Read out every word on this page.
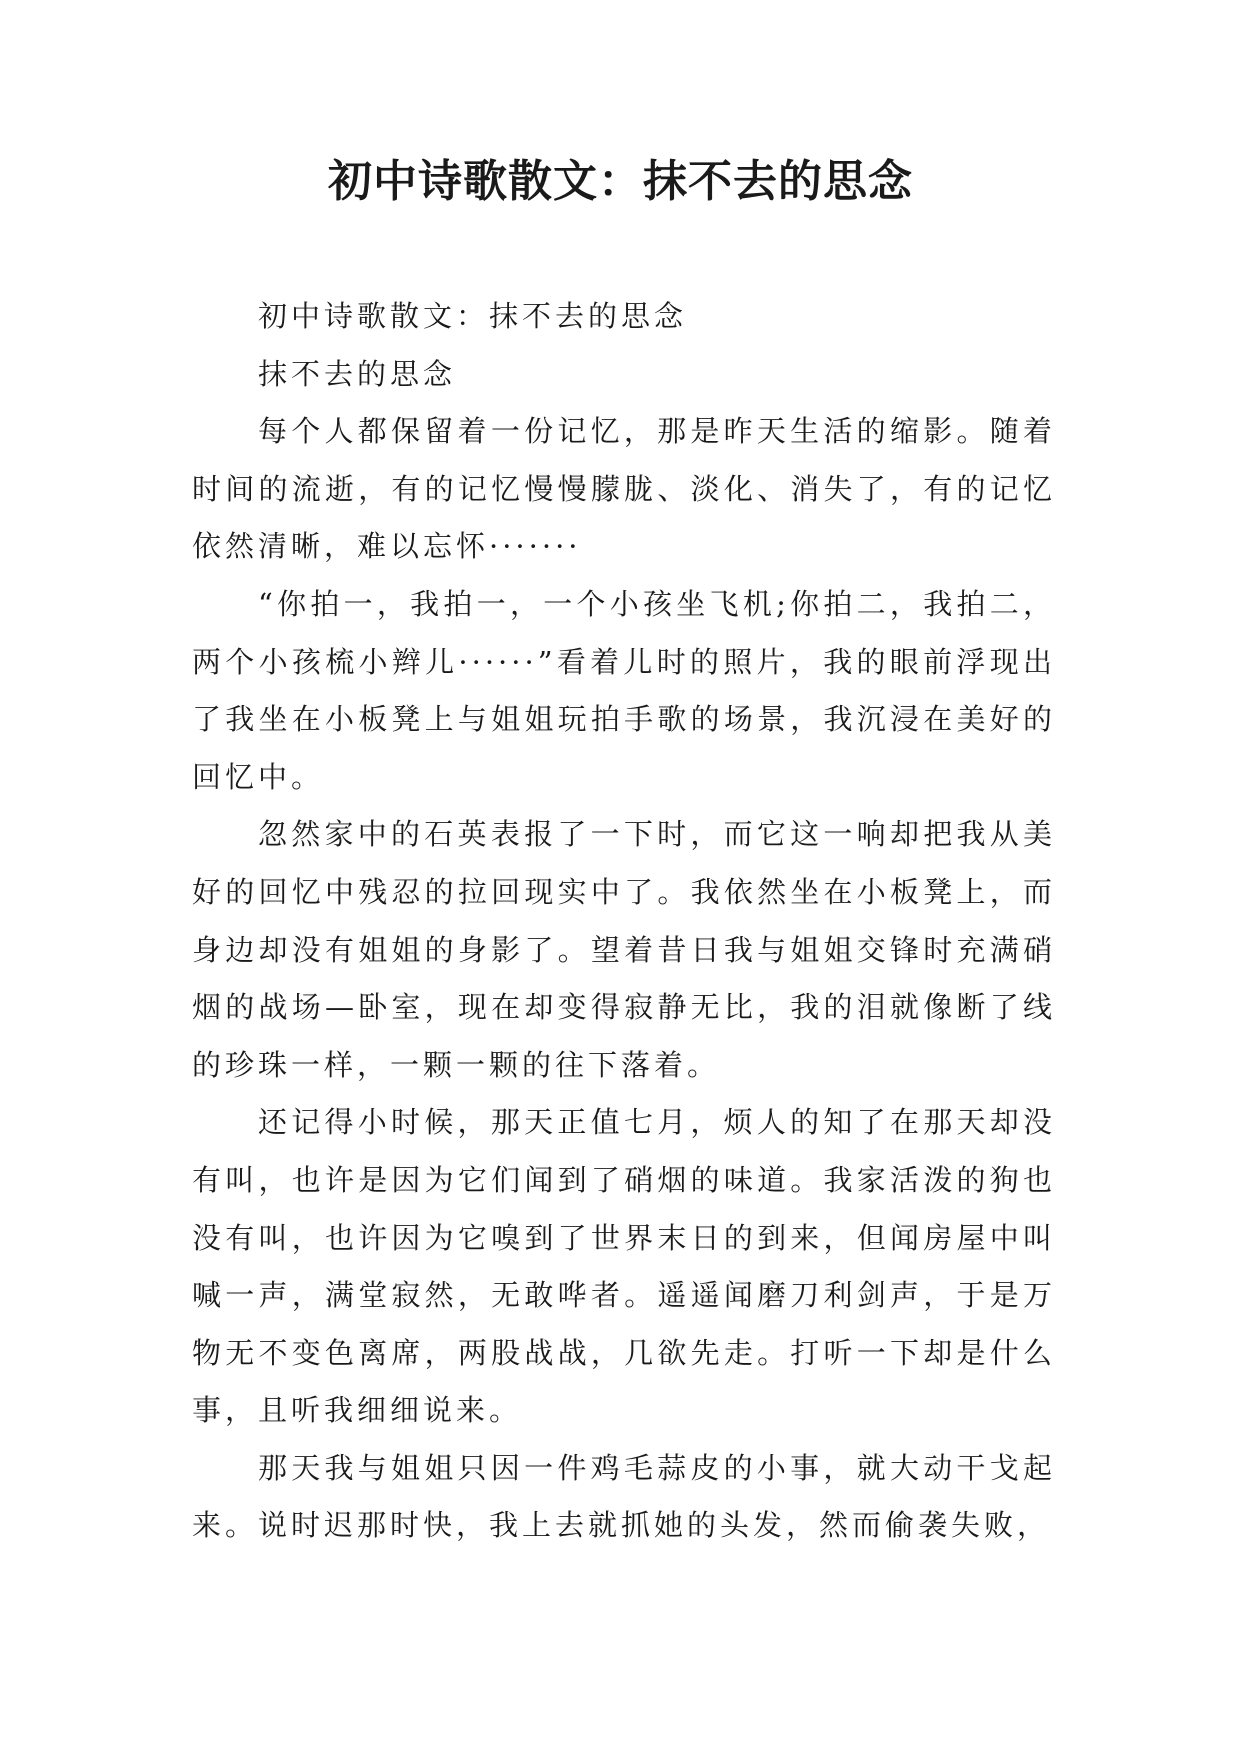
初中诗歌散文：抹不去的思念

初中诗歌散文：抹不去的思念

抹不去的思念

每个人都保留着一份记忆，那是昨天生活的缩影。随着时间的流逝，有的记忆慢慢朦胧、淡化、消失了，有的记忆依然清晰，难以忘怀·······

“你拍一，我拍一，一个小孩坐飞机;你拍二，我拍二，两个小孩梳小辫儿······”看着儿时的照片，我的眼前浮现出了我坐在小板凳上与姐姐玩拍手歌的场景，我沉浸在美好的回忆中。

忽然家中的石英表报了一下时，而它这一响却把我从美好的回忆中残忍的拉回现实中了。我依然坐在小板凳上，而身边却没有姐姐的身影了。望着昔日我与姐姐交锋时充满硝烟的战场—卧室，现在却变得寂静无比，我的泪就像断了线的珍珠一样，一颗一颗的往下落着。

还记得小时候，那天正值七月，烦人的知了在那天却没有叫，也许是因为它们闻到了硝烟的味道。我家活泼的狗也没有叫，也许因为它嗅到了世界末日的到来，但闻房屋中叫喊一声，满堂寂然，无敢哗者。遥遥闻磨刀利剑声，于是万物无不变色离席，两股战战，几欲先走。打听一下却是什么事，且听我细细说来。

那天我与姐姐只因一件鸡毛蒜皮的小事，就大动干戈起来。说时迟那时快，我上去就抓她的头发，然而偷袭失败，
